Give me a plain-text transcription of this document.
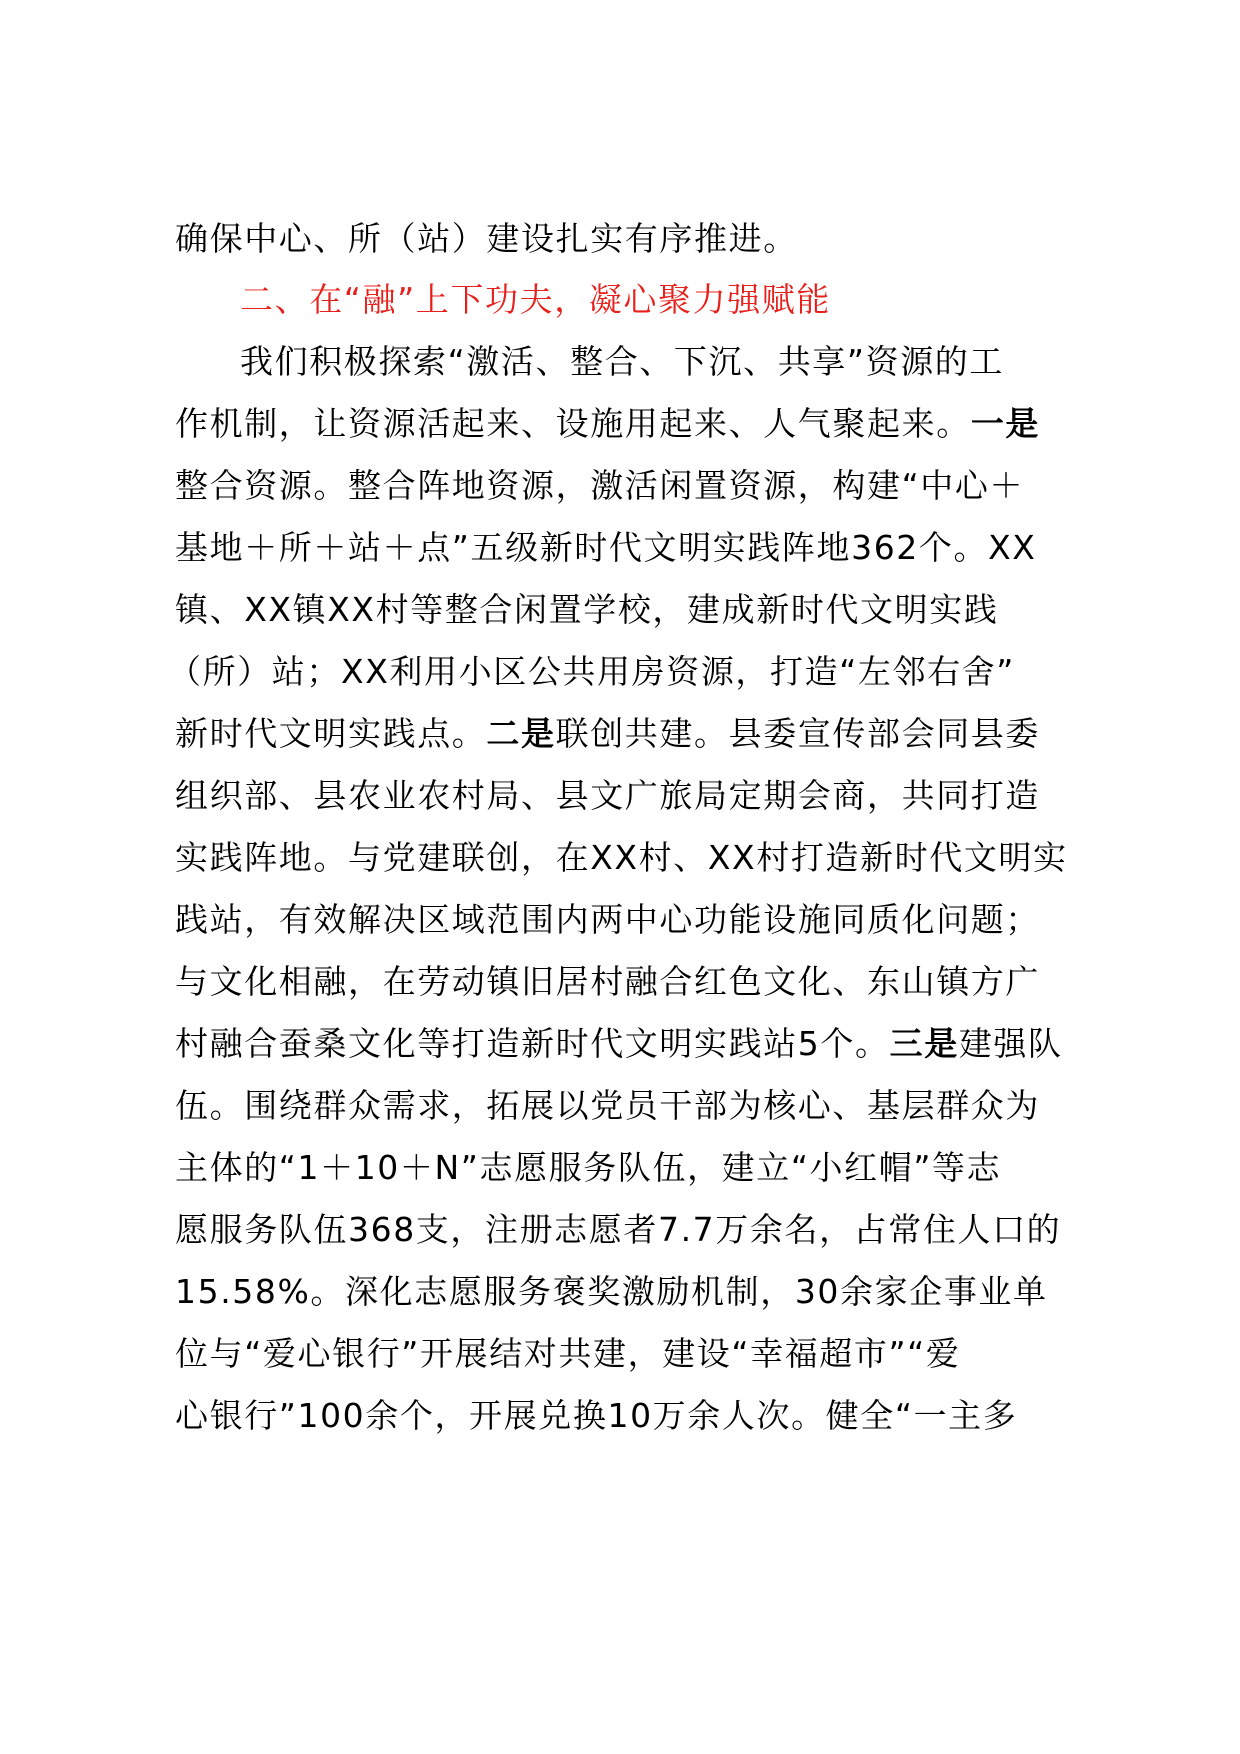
确保中心、所（站）建设扎实有序推进。
二、在“融”上下功夫，凝心聚力强赋能
我们积极探索“激活、整合、下沉、共享”资源的工
作机制，让资源活起来、设施用起来、人气聚起来。一是
整合资源。整合阵地资源，激活闲置资源，构建“中心＋
基地＋所＋站＋点”五级新时代文明实践阵地362个。XX
镇、XX镇XX村等整合闲置学校，建成新时代文明实践
（所）站；XX利用小区公共用房资源，打造“左邻右舍”
新时代文明实践点。二是联创共建。县委宣传部会同县委
组织部、县农业农村局、县文广旅局定期会商，共同打造
实践阵地。与党建联创，在XX村、XX村打造新时代文明实
践站，有效解决区域范围内两中心功能设施同质化问题；
与文化相融，在劳动镇旧居村融合红色文化、东山镇方广
村融合蚕桑文化等打造新时代文明实践站5个。三是建强队
伍。围绕群众需求，拓展以党员干部为核心、基层群众为
主体的“1＋10＋N”志愿服务队伍，建立“小红帽”等志
愿服务队伍368支，注册志愿者7.7万余名，占常住人口的
15.58%。深化志愿服务褒奖激励机制，30余家企事业单
位与“爱心银行”开展结对共建，建设“幸福超市”“爱
心银行”100余个，开展兑换10万余人次。健全“一主多
